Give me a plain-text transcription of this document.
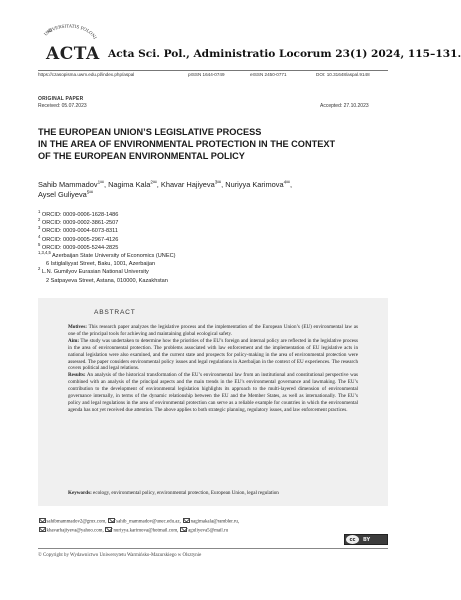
UNIVERSITATIS POLONI
ACTA Acta Sci. Pol., Administratio Locorum 23(1) 2024, 115–131.
https://czasopisma.uwm.edu.pl/index.php/aspal	pISSN 1644-0749	eISSN 2450-0771	DOI: 10.31648/aspal.9148
ORIGINAL PAPER
Received: 05.07.2023	Accepted: 27.10.2023
THE EUROPEAN UNION’S LEGISLATIVE PROCESS
IN THE AREA OF ENVIRONMENTAL PROTECTION IN THE CONTEXT
OF THE EUROPEAN ENVIRONMENTAL POLICY
Sahib Mammadov$^{1✉}$, Nagima Kala$^{2✉}$, Khavar Hajiyeva$^{3✉}$, Nuriyya Karimova$^{4✉}$,
Aysel Guliyeva$^{5✉}$
$^1$ ORCID: 0009-0006-1628-1486
$^2$ ORCID: 0009-0002-3861-2507
$^3$ ORCID: 0009-0004-6073-8311
$^4$ ORCID: 0009-0005-2967-4126
$^5$ ORCID: 0009-0005-5244-2825
$^{1,3,4,5}$ Azerbaijan State University of Economics (UNEC)
6 Istiglaliyyat Street, Baku, 1001, Azerbaijan
$^2$ L.N. Gumilyov Eurasian National University
2 Satpayeva Street, Astana, 010000, Kazakhstan
ABSTRACT

Motives: This research paper analyzes the legislative process and the implementation of the European Union’s (EU) environmental law as one of the principal tools for achieving and maintaining global ecological safety.

Aim: The study was undertaken to determine how the priorities of the EU’s foreign and internal policy are reflected in the legislative process in the area of environmental protection. The problems associated with law enforcement and the implementation of EU legislative acts in national legislation were also examined, and the current state and prospects for policy-making in the area of environmental protection were assessed. The paper considers environmental policy issues and legal regulations in Azerbaijan in the context of EU experiences. The research covers political and legal relations.

Results: An analysis of the historical transformation of the EU’s environmental law from an institutional and constitutional perspective was combined with an analysis of the principal aspects and the main trends in the EU’s environmental governance and lawmaking. The EU’s contribution to the development of environmental legislation highlights its approach to the multi-layered dimension of environmental governance internally, in terms of the dynamic relationship between the EU and the Member States, as well as internationally. The EU’s policy and legal regulations in the area of environmental protection can serve as a reliable example for countries in which the environmental agenda has not yet received due attention. The above applies to both strategic planning, regulatory issues, and law enforcement practices.

Keywords: ecology, environmental policy, environmental protection, European Union, legal regulation
sahibmammadov2@gmx.com, sahib_mammadov@unec.edu.az, nagimakala@rambler.ru,
khavarhajiyeva@yahoo.com, nuriyya.karimova@hotmail.com, aguliyeva5@mail.ru
cc	BY
© Copyright by Wydawnictwo Uniwersytetu Warmińsko-Mazurskiego w Olsztynie
